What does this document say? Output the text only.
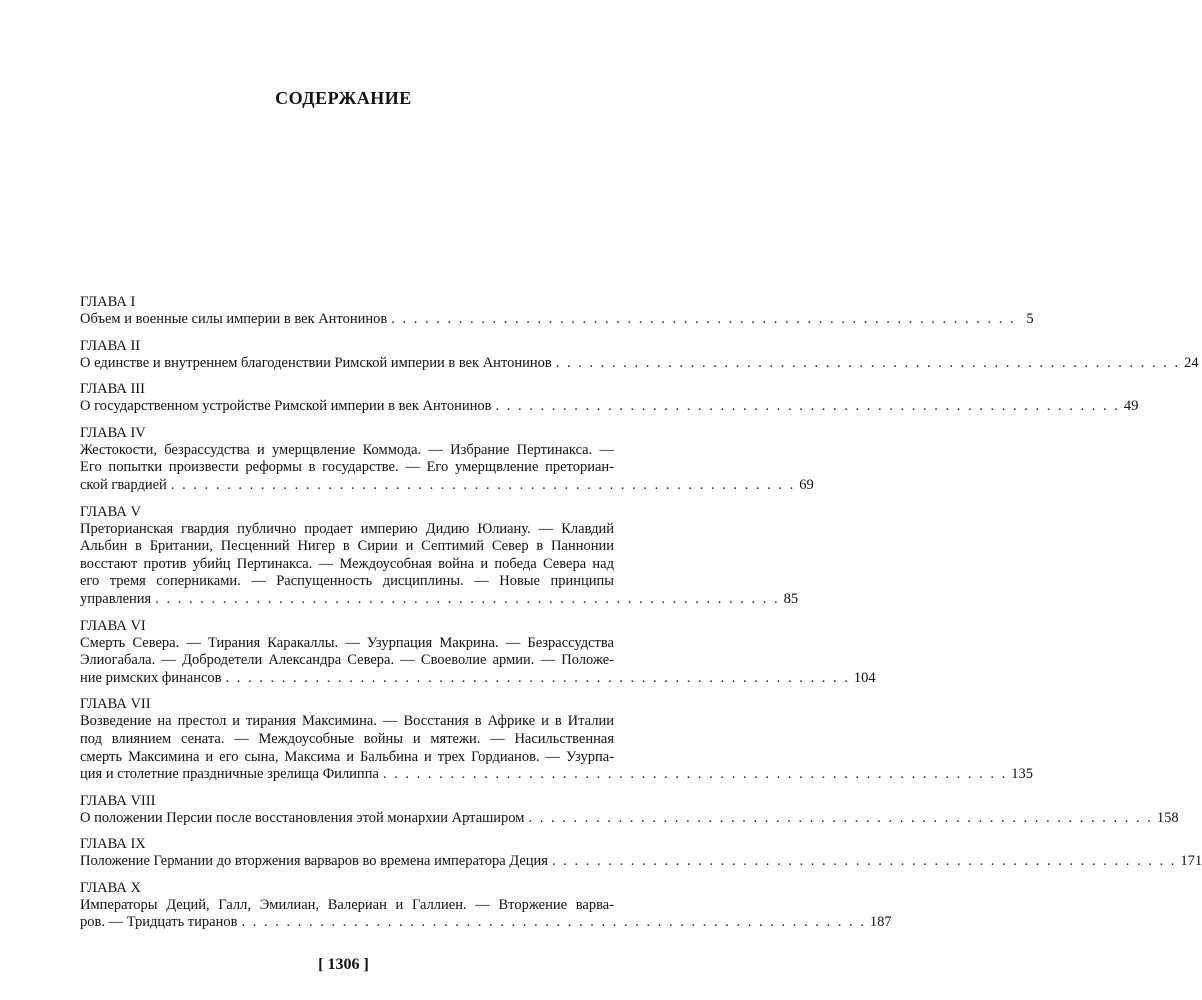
СОДЕРЖАНИЕ
ГЛАВА I
Объем и военные силы империи в век Антонинов . . . . . . . . . . . . . . . . . . . . . . . . . . . . . . . . . . . . . . . . . . . . . . . . . . . . . . . . 5
ГЛАВА II
О единстве и внутреннем благоденствии Римской империи в век Антонинов . . . . . . . . . . . . . . . . . . . . . . . . . . . . . . . . . . . . . . . . . . . . . . . . . . . . . . . . 24
ГЛАВА III
О государственном устройстве Римской империи в век Антонинов . . . . . . . . . . . . . . . . . . . . . . . . . . . . . . . . . . . . . . . . . . . . . . . . . . . . . . . . 49
ГЛАВА IV
Жестокости, безрассудства и умерщвление Коммода. — Избрание Пертинакса. —
Его попытки произвести реформы в государстве. — Его умерщвление преториан-
ской гвардией . . . . . . . . . . . . . . . . . . . . . . . . . . . . . . . . . . . . . . . . . . . . . . . . . . . . . . . . 69
ГЛАВА V
Преторианская гвардия публично продает империю Дидию Юлиану. — Клавдий
Альбин в Британии, Песценний Нигер в Сирии и Септимий Север в Паннонии
восстают против убийц Пертинакса. — Междоусобная война и победа Севера над
его тремя соперниками. — Распущенность дисциплины. — Новые принципы
управления . . . . . . . . . . . . . . . . . . . . . . . . . . . . . . . . . . . . . . . . . . . . . . . . . . . . . . . . 85
ГЛАВА VI
Смерть Севера. — Тирания Каракаллы. — Узурпация Макрина. — Безрассудства
Элиогабала. — Добродетели Александра Севера. — Своеволие армии. — Положе-
ние римских финансов . . . . . . . . . . . . . . . . . . . . . . . . . . . . . . . . . . . . . . . . . . . . . . . . . . . . . . . . 104
ГЛАВА VII
Возведение на престол и тирания Максимина. — Восстания в Африке и в Италии
под влиянием сената. — Междоусобные войны и мятежи. — Насильственная
смерть Максимина и его сына, Максима и Бальбина и трех Гордианов. — Узурпа-
ция и столетние праздничные зрелища Филиппа . . . . . . . . . . . . . . . . . . . . . . . . . . . . . . . . . . . . . . . . . . . . . . . . . . . . . . . . 135
ГЛАВА VIII
О положении Персии после восстановления этой монархии Арташиром . . . . . . . . . . . . . . . . . . . . . . . . . . . . . . . . . . . . . . . . . . . . . . . . . . . . . . . . 158
ГЛАВА IX
Положение Германии до вторжения варваров во времена императора Деция . . . . . . . . . . . . . . . . . . . . . . . . . . . . . . . . . . . . . . . . . . . . . . . . . . . . . . . . 171
ГЛАВА X
Императоры Деций, Галл, Эмилиан, Валериан и Галлиен. — Вторжение варва-
ров. — Тридцать тиранов . . . . . . . . . . . . . . . . . . . . . . . . . . . . . . . . . . . . . . . . . . . . . . . . . . . . . . . . 187
[ 1306 ]
